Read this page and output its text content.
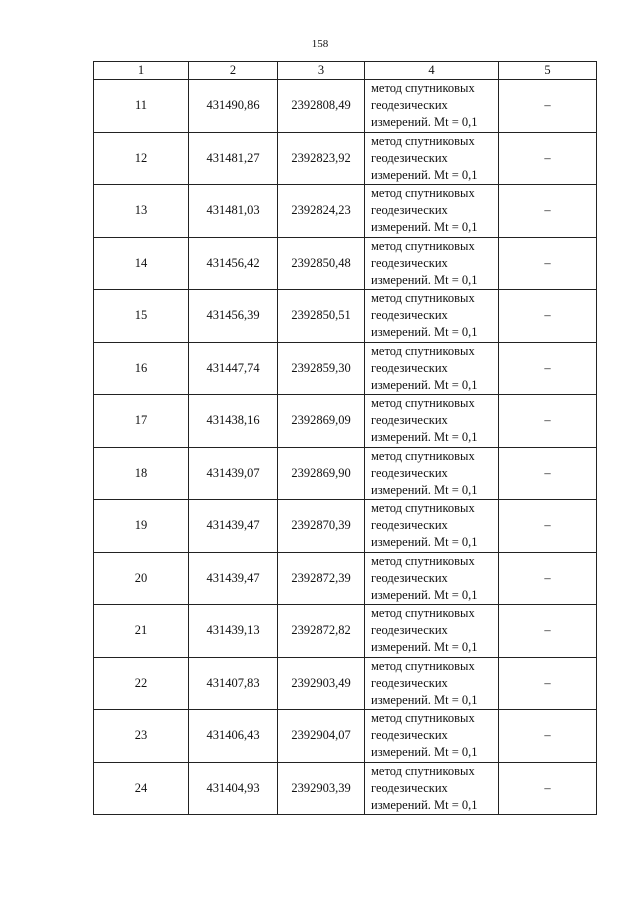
158
1	2	3	4	5
11	431490,86	2392808,49	метод спутниковых
геодезических
измерений. Mt = 0,1	–
12	431481,27	2392823,92	метод спутниковых
геодезических
измерений. Mt = 0,1	–
13	431481,03	2392824,23	метод спутниковых
геодезических
измерений. Mt = 0,1	–
14	431456,42	2392850,48	метод спутниковых
геодезических
измерений. Mt = 0,1	–
15	431456,39	2392850,51	метод спутниковых
геодезических
измерений. Mt = 0,1	–
16	431447,74	2392859,30	метод спутниковых
геодезических
измерений. Mt = 0,1	–
17	431438,16	2392869,09	метод спутниковых
геодезических
измерений. Mt = 0,1	–
18	431439,07	2392869,90	метод спутниковых
геодезических
измерений. Mt = 0,1	–
19	431439,47	2392870,39	метод спутниковых
геодезических
измерений. Mt = 0,1	–
20	431439,47	2392872,39	метод спутниковых
геодезических
измерений. Mt = 0,1	–
21	431439,13	2392872,82	метод спутниковых
геодезических
измерений. Mt = 0,1	–
22	431407,83	2392903,49	метод спутниковых
геодезических
измерений. Mt = 0,1	–
23	431406,43	2392904,07	метод спутниковых
геодезических
измерений. Mt = 0,1	–
24	431404,93	2392903,39	метод спутниковых
геодезических
измерений. Mt = 0,1	–
